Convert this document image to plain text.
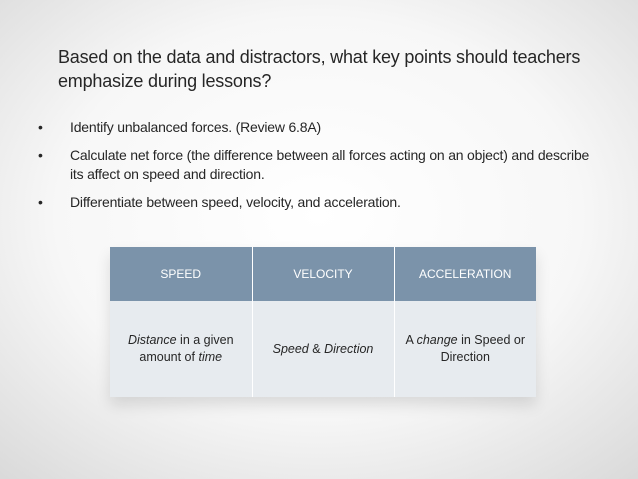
Based on the data and distractors, what key points should teachers emphasize during lessons?
• Identify unbalanced forces. (Review 6.8A)
• Calculate net force (the difference between all forces acting on an object) and describe its affect on speed and direction.
• Differentiate between speed, velocity, and acceleration.
SPEED	VELOCITY	ACCELERATION
Distance in a given amount of time	Speed & Direction	A change in Speed or Direction
